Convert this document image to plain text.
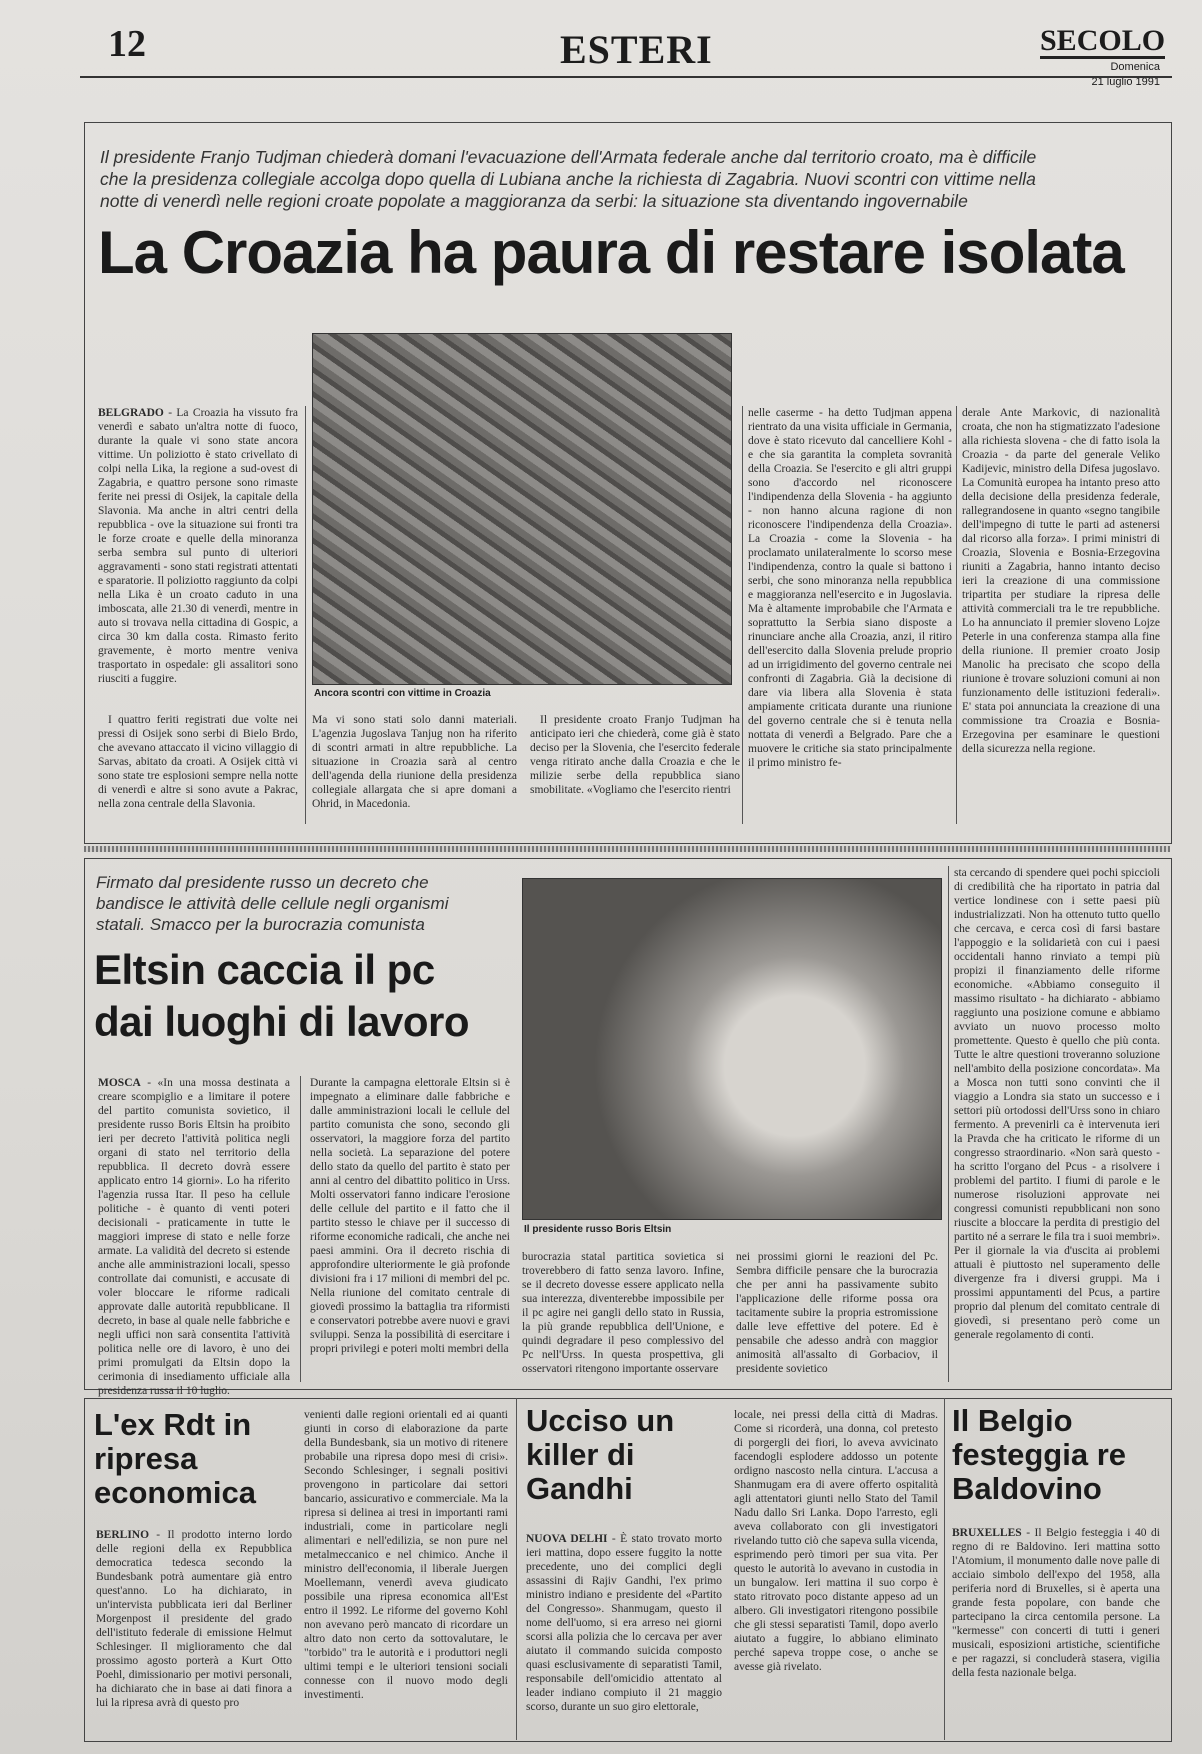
12	ESTERI	SECOLO
Domenica
21 luglio 1991
Il presidente Franjo Tudjman chiederà domani l'evacuazione dell'Armata federale anche dal territorio croato, ma è difficile che la presidenza collegiale accolga dopo quella di Lubiana anche la richiesta di Zagabria. Nuovi scontri con vittime nella notte di venerdì nelle regioni croate popolate a maggioranza da serbi: la situazione sta diventando ingovernabile
La Croazia ha paura di restare isolata
Ancora scontri con vittime in Croazia

BELGRADO - La Croazia ha vissuto fra venerdì e sabato un'altra notte di fuoco, durante la quale vi sono state ancora vittime. Un poliziotto è stato crivellato di colpi nella Lika, la regione a sud-ovest di Zagabria, e quattro persone sono rimaste ferite nei pressi di Osijek, la capitale della Slavonia. Ma anche in altri centri della repubblica - ove la situazione sui fronti tra le forze croate e quelle della minoranza serba sembra sul punto di ulteriori aggravamenti - sono stati registrati attentati e sparatorie. Il poliziotto raggiunto da colpi nella Lika è un croato caduto in una imboscata, alle 21.30 di venerdì, mentre in auto si trovava nella cittadina di Gospic, a circa 30 km dalla costa. Rimasto ferito gravemente, è morto mentre veniva trasportato in ospedale: gli assalitori sono riusciti a fuggire.

I quattro feriti registrati due volte nei pressi di Osijek sono serbi di Bielo Brdo, che avevano attaccato il vicino villaggio di Sarvas, abitato da croati. A Osijek città vi sono state tre esplosioni sempre nella notte di venerdì e altre si sono avute a Pakrac, nella zona centrale della Slavonia.

Ma vi sono stati solo danni materiali. L'agenzia Jugoslava Tanjug non ha riferito di scontri armati in altre repubbliche. La situazione in Croazia sarà al centro dell'agenda della riunione della presidenza collegiale allargata che si apre domani a Ohrid, in Macedonia.

Il presidente croato Franjo Tudjman ha anticipato ieri che chiederà, come già è stato deciso per la Slovenia, che l'esercito federale venga ritirato anche dalla Croazia e che le milizie serbe della repubblica siano smobilitate. «Vogliamo che l'esercito rientri

nelle caserme - ha detto Tudjman appena rientrato da una visita ufficiale in Germania, dove è stato ricevuto dal cancelliere Kohl - e che sia garantita la completa sovranità della Croazia. Se l'esercito e gli altri gruppi sono d'accordo nel riconoscere l'indipendenza della Slovenia - ha aggiunto - non hanno alcuna ragione di non riconoscere l'indipendenza della Croazia». La Croazia - come la Slovenia - ha proclamato unilateralmente lo scorso mese l'indipendenza, contro la quale si battono i serbi, che sono minoranza nella repubblica e maggioranza nell'esercito e in Jugoslavia. Ma è altamente improbabile che l'Armata e soprattutto la Serbia siano disposte a rinunciare anche alla Croazia, anzi, il ritiro dell'esercito dalla Slovenia prelude proprio ad un irrigidimento del governo centrale nei confronti di Zagabria. Già la decisione di dare via libera alla Slovenia è stata ampiamente criticata durante una riunione del governo centrale che si è tenuta nella nottata di venerdì a Belgrado. Pare che a muovere le critiche sia stato principalmente il primo ministro fe-

derale Ante Markovic, di nazionalità croata, che non ha stigmatizzato l'adesione alla richiesta slovena - che di fatto isola la Croazia - da parte del generale Veliko Kadijevic, ministro della Difesa jugoslavo. La Comunità europea ha intanto preso atto della decisione della presidenza federale, rallegrandosene in quanto «segno tangibile dell'impegno di tutte le parti ad astenersi dal ricorso alla forza». I primi ministri di Croazia, Slovenia e Bosnia-Erzegovina riuniti a Zagabria, hanno intanto deciso ieri la creazione di una commissione tripartita per studiare la ripresa delle attività commerciali tra le tre repubbliche. Lo ha annunciato il premier sloveno Lojze Peterle in una conferenza stampa alla fine della riunione. Il premier croato Josip Manolic ha precisato che scopo della riunione è trovare soluzioni comuni ai non funzionamento delle istituzioni federali». E' stata poi annunciata la creazione di una commissione tra Croazia e Bosnia-Erzegovina per esaminare le questioni della sicurezza nella regione.

Firmato dal presidente russo un decreto che bandisce le attività delle cellule negli organismi statali. Smacco per la burocrazia comunista
Eltsin caccia il pc
dai luoghi di lavoro
Il presidente russo Boris Eltsin

MOSCA - «In una mossa destinata a creare scompiglio e a limitare il potere del partito comunista sovietico, il presidente russo Boris Eltsin ha proibito ieri per decreto l'attività politica negli organi di stato nel territorio della repubblica. Il decreto dovrà essere applicato entro 14 giorni». Lo ha riferito l'agenzia russa Itar. Il peso ha cellule politiche - è quanto di venti poteri decisionali - praticamente in tutte le maggiori imprese di stato e nelle forze armate. La validità del decreto si estende anche alle amministrazioni locali, spesso controllate dai comunisti, e accusate di voler bloccare le riforme radicali approvate dalle autorità repubblicane. Il decreto, in base al quale nelle fabbriche e negli uffici non sarà consentita l'attività politica nelle ore di lavoro, è uno dei primi promulgati da Eltsin dopo la cerimonia di insediamento ufficiale alla presidenza russa il 10 luglio.

Durante la campagna elettorale Eltsin si è impegnato a eliminare dalle fabbriche e dalle amministrazioni locali le cellule del partito comunista che sono, secondo gli osservatori, la maggiore forza del partito nella società. La separazione del potere dello stato da quello del partito è stato per anni al centro del dibattito politico in Urss. Molti osservatori fanno indicare l'erosione delle cellule del partito e il fatto che il partito stesso le chiave per il successo di riforme economiche radicali, che anche nei paesi ammini. Ora il decreto rischia di approfondire ulteriormente le già profonde divisioni fra i 17 milioni di membri del pc. Nella riunione del comitato centrale di giovedì prossimo la battaglia tra riformisti e conservatori potrebbe avere nuovi e gravi sviluppi. Senza la possibilità di esercitare i propri privilegi e poteri molti membri della

burocrazia statal partitica sovietica si troverebbero di fatto senza lavoro. Infine, se il decreto dovesse essere applicato nella sua interezza, diventerebbe impossibile per il pc agire nei gangli dello stato in Russia, la più grande repubblica dell'Unione, e quindi degradare il peso complessivo del Pc nell'Urss. In questa prospettiva, gli osservatori ritengono importante osservare

nei prossimi giorni le reazioni del Pc. Sembra difficile pensare che la burocrazia che per anni ha passivamente subito l'applicazione delle riforme possa ora tacitamente subire la propria estromissione dalle leve effettive del potere. Ed è pensabile che adesso andrà con maggior animosità all'assalto di Gorbaciov, il presidente sovietico

sta cercando di spendere quei pochi spiccioli di credibilità che ha riportato in patria dal vertice londinese con i sette paesi più industrializzati. Non ha ottenuto tutto quello che cercava, e cerca così di farsi bastare l'appoggio e la solidarietà con cui i paesi occidentali hanno rinviato a tempi più propizi il finanziamento delle riforme economiche. «Abbiamo conseguito il massimo risultato - ha dichiarato - abbiamo raggiunto una posizione comune e abbiamo avviato un nuovo processo molto promettente. Questo è quello che più conta. Tutte le altre questioni troveranno soluzione nell'ambito della posizione concordata». Ma a Mosca non tutti sono convinti che il viaggio a Londra sia stato un successo e i settori più ortodossi dell'Urss sono in chiaro fermento. A prevenirli ca è intervenuta ieri la Pravda che ha criticato le riforme di un congresso straordinario. «Non sarà questo - ha scritto l'organo del Pcus - a risolvere i problemi del partito. I fiumi di parole e le numerose risoluzioni approvate nei congressi comunisti repubblicani non sono riuscite a bloccare la perdita di prestigio del partito né a serrare le fila tra i suoi membri». Per il giornale la via d'uscita ai problemi attuali è piuttosto nel superamento delle divergenze fra i diversi gruppi. Ma i prossimi appuntamenti del Pcus, a partire proprio dal plenum del comitato centrale di giovedì, si presentano però come un generale regolamento di conti.

L'ex Rdt in ripresa economica

BERLINO - Il prodotto interno lordo delle regioni della ex Repubblica democratica tedesca secondo la Bundesbank potrà aumentare già entro quest'anno. Lo ha dichiarato, in un'intervista pubblicata ieri dal Berliner Morgenpost il presidente del grado dell'istituto federale di emissione Helmut Schlesinger. Il miglioramento che dal prossimo agosto porterà a Kurt Otto Poehl, dimissionario per motivi personali, ha dichiarato che in base ai dati finora a lui la ripresa avrà di questo pro

venienti dalle regioni orientali ed ai quanti giunti in corso di elaborazione da parte della Bundesbank, sia un motivo di ritenere probabile una ripresa dopo mesi di crisi». Secondo Schlesinger, i segnali positivi provengono in particolare dai settori bancario, assicurativo e commerciale. Ma la ripresa si delinea ai tresi in importanti rami industriali, come in particolare negli alimentari e nell'edilizia, se non pure nel metalmeccanico e nel chimico. Anche il ministro dell'economia, il liberale Juergen Moellemann, venerdì aveva giudicato possibile una ripresa economica all'Est entro il 1992. Le riforme del governo Kohl non avevano però mancato di ricordare un altro dato non certo da sottovalutare, le "torbido" tra le autorità e i produttori negli ultimi tempi e le ulteriori tensioni sociali connesse con il nuovo modo degli investimenti.

Ucciso un killer di Gandhi

NUOVA DELHI - È stato trovato morto ieri mattina, dopo essere fuggito la notte precedente, uno dei complici degli assassini di Rajiv Gandhi, l'ex primo ministro indiano e presidente del «Partito del Congresso». Shanmugam, questo il nome dell'uomo, si era arreso nei giorni scorsi alla polizia che lo cercava per aver aiutato il commando suicida composto quasi esclusivamente di separatisti Tamil, responsabile dell'omicidio attentato al leader indiano compiuto il 21 maggio scorso, durante un suo giro elettorale,

locale, nei pressi della città di Madras. Come si ricorderà, una donna, col pretesto di porgergli dei fiori, lo aveva avvicinato facendogli esplodere addosso un potente ordigno nascosto nella cintura. L'accusa a Shanmugam era di avere offerto ospitalità agli attentatori giunti nello Stato del Tamil Nadu dallo Sri Lanka. Dopo l'arresto, egli aveva collaborato con gli investigatori rivelando tutto ciò che sapeva sulla vicenda, esprimendo però timori per sua vita. Per questo le autorità lo avevano in custodia in un bungalow. Ieri mattina il suo corpo è stato ritrovato poco distante appeso ad un albero. Gli investigatori ritengono possibile che gli stessi separatisti Tamil, dopo averlo aiutato a fuggire, lo abbiano eliminato perché sapeva troppe cose, o anche se avesse già rivelato.

Il Belgio festeggia re Baldovino

BRUXELLES - Il Belgio festeggia i 40 di regno di re Baldovino. Ieri mattina sotto l'Atomium, il monumento dalle nove palle di acciaio simbolo dell'expo del 1958, alla periferia nord di Bruxelles, si è aperta una grande festa popolare, con bande che partecipano la circa centomila persone. La "kermesse" con concerti di tutti i generi musicali, esposizioni artistiche, scientifiche e per ragazzi, si concluderà stasera, vigilia della festa nazionale belga.
